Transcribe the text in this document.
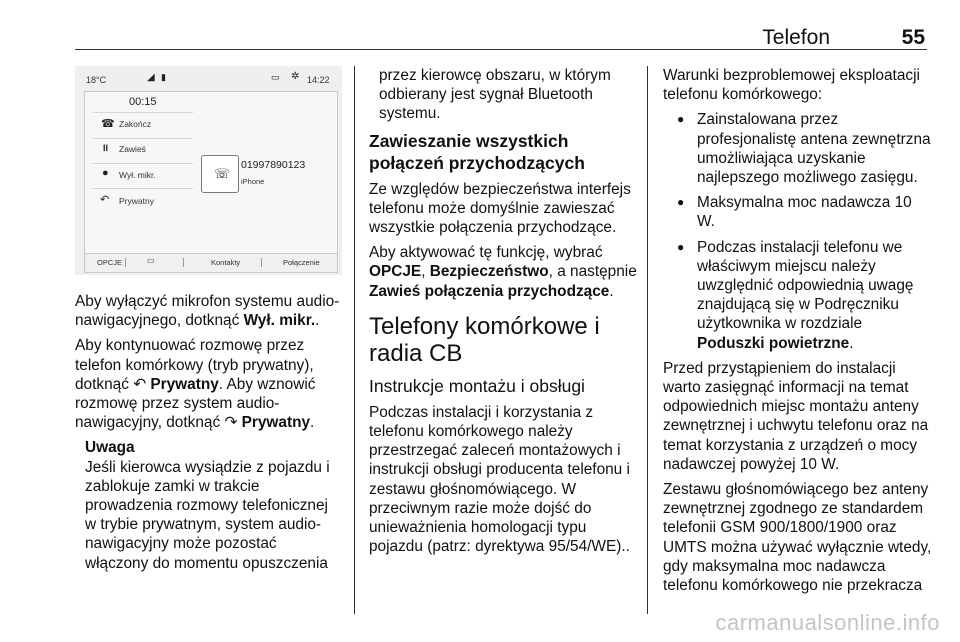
Telefon	55
18°C	◢ ▮	▭ ✲ 14:22
00:15
☎ Zakończ
II Zawieś
● Wył. mikr.
↶ Prywatny
☏
01997890123
iPhone
OPCJE	▭	Kontakty	Połączenie

Aby wyłączyć mikrofon systemu audio-nawigacyjnego, dotknąć Wył. mikr..

Aby kontynuować rozmowę przez telefon komórkowy (tryb prywatny), dotknąć ↶ Prywatny. Aby wznowić rozmowę przez system audio-nawigacyjny, dotknąć ↷ Prywatny.

Uwaga
Jeśli kierowca wysiądzie z pojazdu i zablokuje zamki w trakcie prowadzenia rozmowy telefonicznej w trybie prywatnym, system audio-nawigacyjny może pozostać włączony do momentu opuszczenia

przez kierowcę obszaru, w którym odbierany jest sygnał Bluetooth systemu.

Zawieszanie wszystkich połączeń przychodzących

Ze względów bezpieczeństwa interfejs telefonu może domyślnie zawieszać wszystkie połączenia przychodzące.

Aby aktywować tę funkcję, wybrać OPCJE, Bezpieczeństwo, a następnie Zawieś połączenia przychodzące.

Telefony komórkowe i radia CB
Instrukcje montażu i obsługi

Podczas instalacji i korzystania z telefonu komórkowego należy przestrzegać zaleceń montażowych i instrukcji obsługi producenta telefonu i zestawu głośnomówiącego. W przeciwnym razie może dojść do unieważnienia homologacji typu pojazdu (patrz: dyrektywa 95/54/WE)..

Warunki bezproblemowej eksploatacji telefonu komórkowego:

● Zainstalowana przez profesjonalistę antena zewnętrzna umożliwiająca uzyskanie najlepszego możliwego zasięgu.
● Maksymalna moc nadawcza 10 W.
● Podczas instalacji telefonu we właściwym miejscu należy uwzględnić odpowiednią uwagę znajdującą się w Podręczniku użytkownika w rozdziale Poduszki powietrzne.

Przed przystąpieniem do instalacji warto zasięgnąć informacji na temat odpowiednich miejsc montażu anteny zewnętrznej i uchwytu telefonu oraz na temat korzystania z urządzeń o mocy nadawczej powyżej 10 W.

Zestawu głośnomówiącego bez anteny zewnętrznej zgodnego ze standardem telefonii GSM 900/1800/1900 oraz UMTS można używać wyłącznie wtedy, gdy maksymalna moc nadawcza telefonu komórkowego nie przekracza

carmanualsonline.info
